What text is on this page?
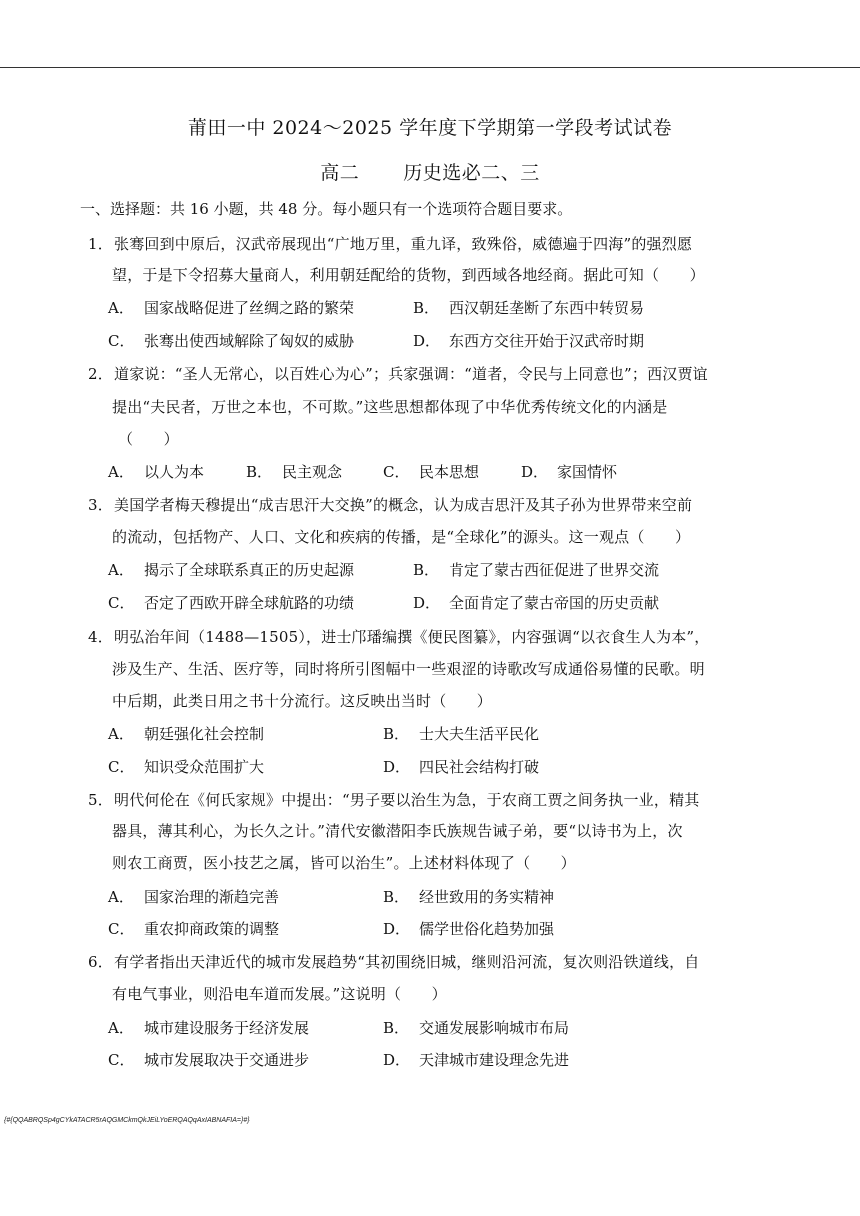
莆田一中 2024～2025 学年度下学期第一学段考试试卷
高二 历史选必二、三
一、选择题：共 16 小题，共 48 分。每小题只有一个选项符合题目要求。
1． 张骞回到中原后，汉武帝展现出“广地万里，重九译，致殊俗，威德遍于四海”的强烈愿
望，于是下令招募大量商人，利用朝廷配给的货物，到西域各地经商。据此可知（　　）
A． 国家战略促进了丝绸之路的繁荣	B． 西汉朝廷垄断了东西中转贸易
C． 张骞出使西域解除了匈奴的威胁	D． 东西方交往开始于汉武帝时期
2． 道家说：“圣人无常心，以百姓心为心”；兵家强调：“道者，令民与上同意也”；西汉贾谊
提出“夫民者，万世之本也，不可欺。”这些思想都体现了中华优秀传统文化的内涵是
（　　）
A． 以人为本	B． 民主观念	C． 民本思想	D． 家国情怀
3． 美国学者梅天穆提出“成吉思汗大交换”的概念，认为成吉思汗及其子孙为世界带来空前
的流动，包括物产、人口、文化和疾病的传播，是“全球化”的源头。这一观点（　　）
A． 揭示了全球联系真正的历史起源	B． 肯定了蒙古西征促进了世界交流
C． 否定了西欧开辟全球航路的功绩	D． 全面肯定了蒙古帝国的历史贡献
4． 明弘治年间（1488—1505），进士邝璠编撰《便民图纂》，内容强调“以衣食生人为本”，
涉及生产、生活、医疗等，同时将所引图幅中一些艰涩的诗歌改写成通俗易懂的民歌。明
中后期，此类日用之书十分流行。这反映出当时（　　）
A． 朝廷强化社会控制	B． 士大夫生活平民化
C． 知识受众范围扩大	D． 四民社会结构打破
5． 明代何伦在《何氏家规》中提出：“男子要以治生为急，于农商工贾之间务执一业，精其
器具，薄其利心，为长久之计。”清代安徽潜阳李氏族规告诫子弟，要“以诗书为上，次
则农工商贾，医小技艺之属，皆可以治生”。上述材料体现了（　　）
A． 国家治理的渐趋完善	B． 经世致用的务实精神
C． 重农抑商政策的调整	D． 儒学世俗化趋势加强
6． 有学者指出天津近代的城市发展趋势“其初围绕旧城，继则沿河流，复次则沿铁道线，自
有电气事业，则沿电车道而发展。”这说明（　　）
A． 城市建设服务于经济发展	B． 交通发展影响城市布局
C． 城市发展取决于交通进步	D． 天津城市建设理念先进
{#{QQABRQSp4gCYkATACR5rAQGMCkmQkJEiLYoERQAQqAxIABNAFIA=}#}
